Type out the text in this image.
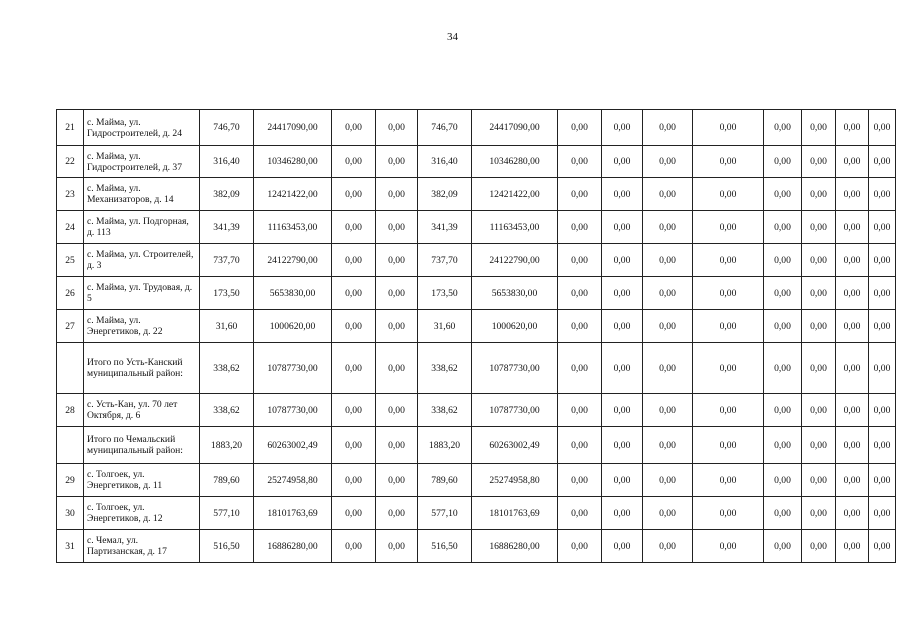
34
21	с. Майма, ул. Гидростроителей, д. 24	746,70	24417090,00	0,00	0,00	746,70	24417090,00	0,00	0,00	0,00	0,00	0,00	0,00	0,00	0,00
22	с. Майма, ул. Гидростроителей, д. 37	316,40	10346280,00	0,00	0,00	316,40	10346280,00	0,00	0,00	0,00	0,00	0,00	0,00	0,00	0,00
23	с. Майма, ул. Механизаторов, д. 14	382,09	12421422,00	0,00	0,00	382,09	12421422,00	0,00	0,00	0,00	0,00	0,00	0,00	0,00	0,00
24	с. Майма, ул. Подгорная, д. 113	341,39	11163453,00	0,00	0,00	341,39	11163453,00	0,00	0,00	0,00	0,00	0,00	0,00	0,00	0,00
25	с. Майма, ул. Строителей, д. 3	737,70	24122790,00	0,00	0,00	737,70	24122790,00	0,00	0,00	0,00	0,00	0,00	0,00	0,00	0,00
26	с. Майма, ул. Трудовая, д. 5	173,50	5653830,00	0,00	0,00	173,50	5653830,00	0,00	0,00	0,00	0,00	0,00	0,00	0,00	0,00
27	с. Майма, ул. Энергетиков, д. 22	31,60	1000620,00	0,00	0,00	31,60	1000620,00	0,00	0,00	0,00	0,00	0,00	0,00	0,00	0,00
	Итого по Усть-Канский муниципальный район:	338,62	10787730,00	0,00	0,00	338,62	10787730,00	0,00	0,00	0,00	0,00	0,00	0,00	0,00	0,00
28	с. Усть-Кан, ул. 70 лет Октября, д. 6	338,62	10787730,00	0,00	0,00	338,62	10787730,00	0,00	0,00	0,00	0,00	0,00	0,00	0,00	0,00
	Итого по Чемальский муниципальный район:	1883,20	60263002,49	0,00	0,00	1883,20	60263002,49	0,00	0,00	0,00	0,00	0,00	0,00	0,00	0,00
29	с. Толгоек, ул. Энергетиков, д. 11	789,60	25274958,80	0,00	0,00	789,60	25274958,80	0,00	0,00	0,00	0,00	0,00	0,00	0,00	0,00
30	с. Толгоек, ул. Энергетиков, д. 12	577,10	18101763,69	0,00	0,00	577,10	18101763,69	0,00	0,00	0,00	0,00	0,00	0,00	0,00	0,00
31	с. Чемал, ул. Партизанская, д. 17	516,50	16886280,00	0,00	0,00	516,50	16886280,00	0,00	0,00	0,00	0,00	0,00	0,00	0,00	0,00
